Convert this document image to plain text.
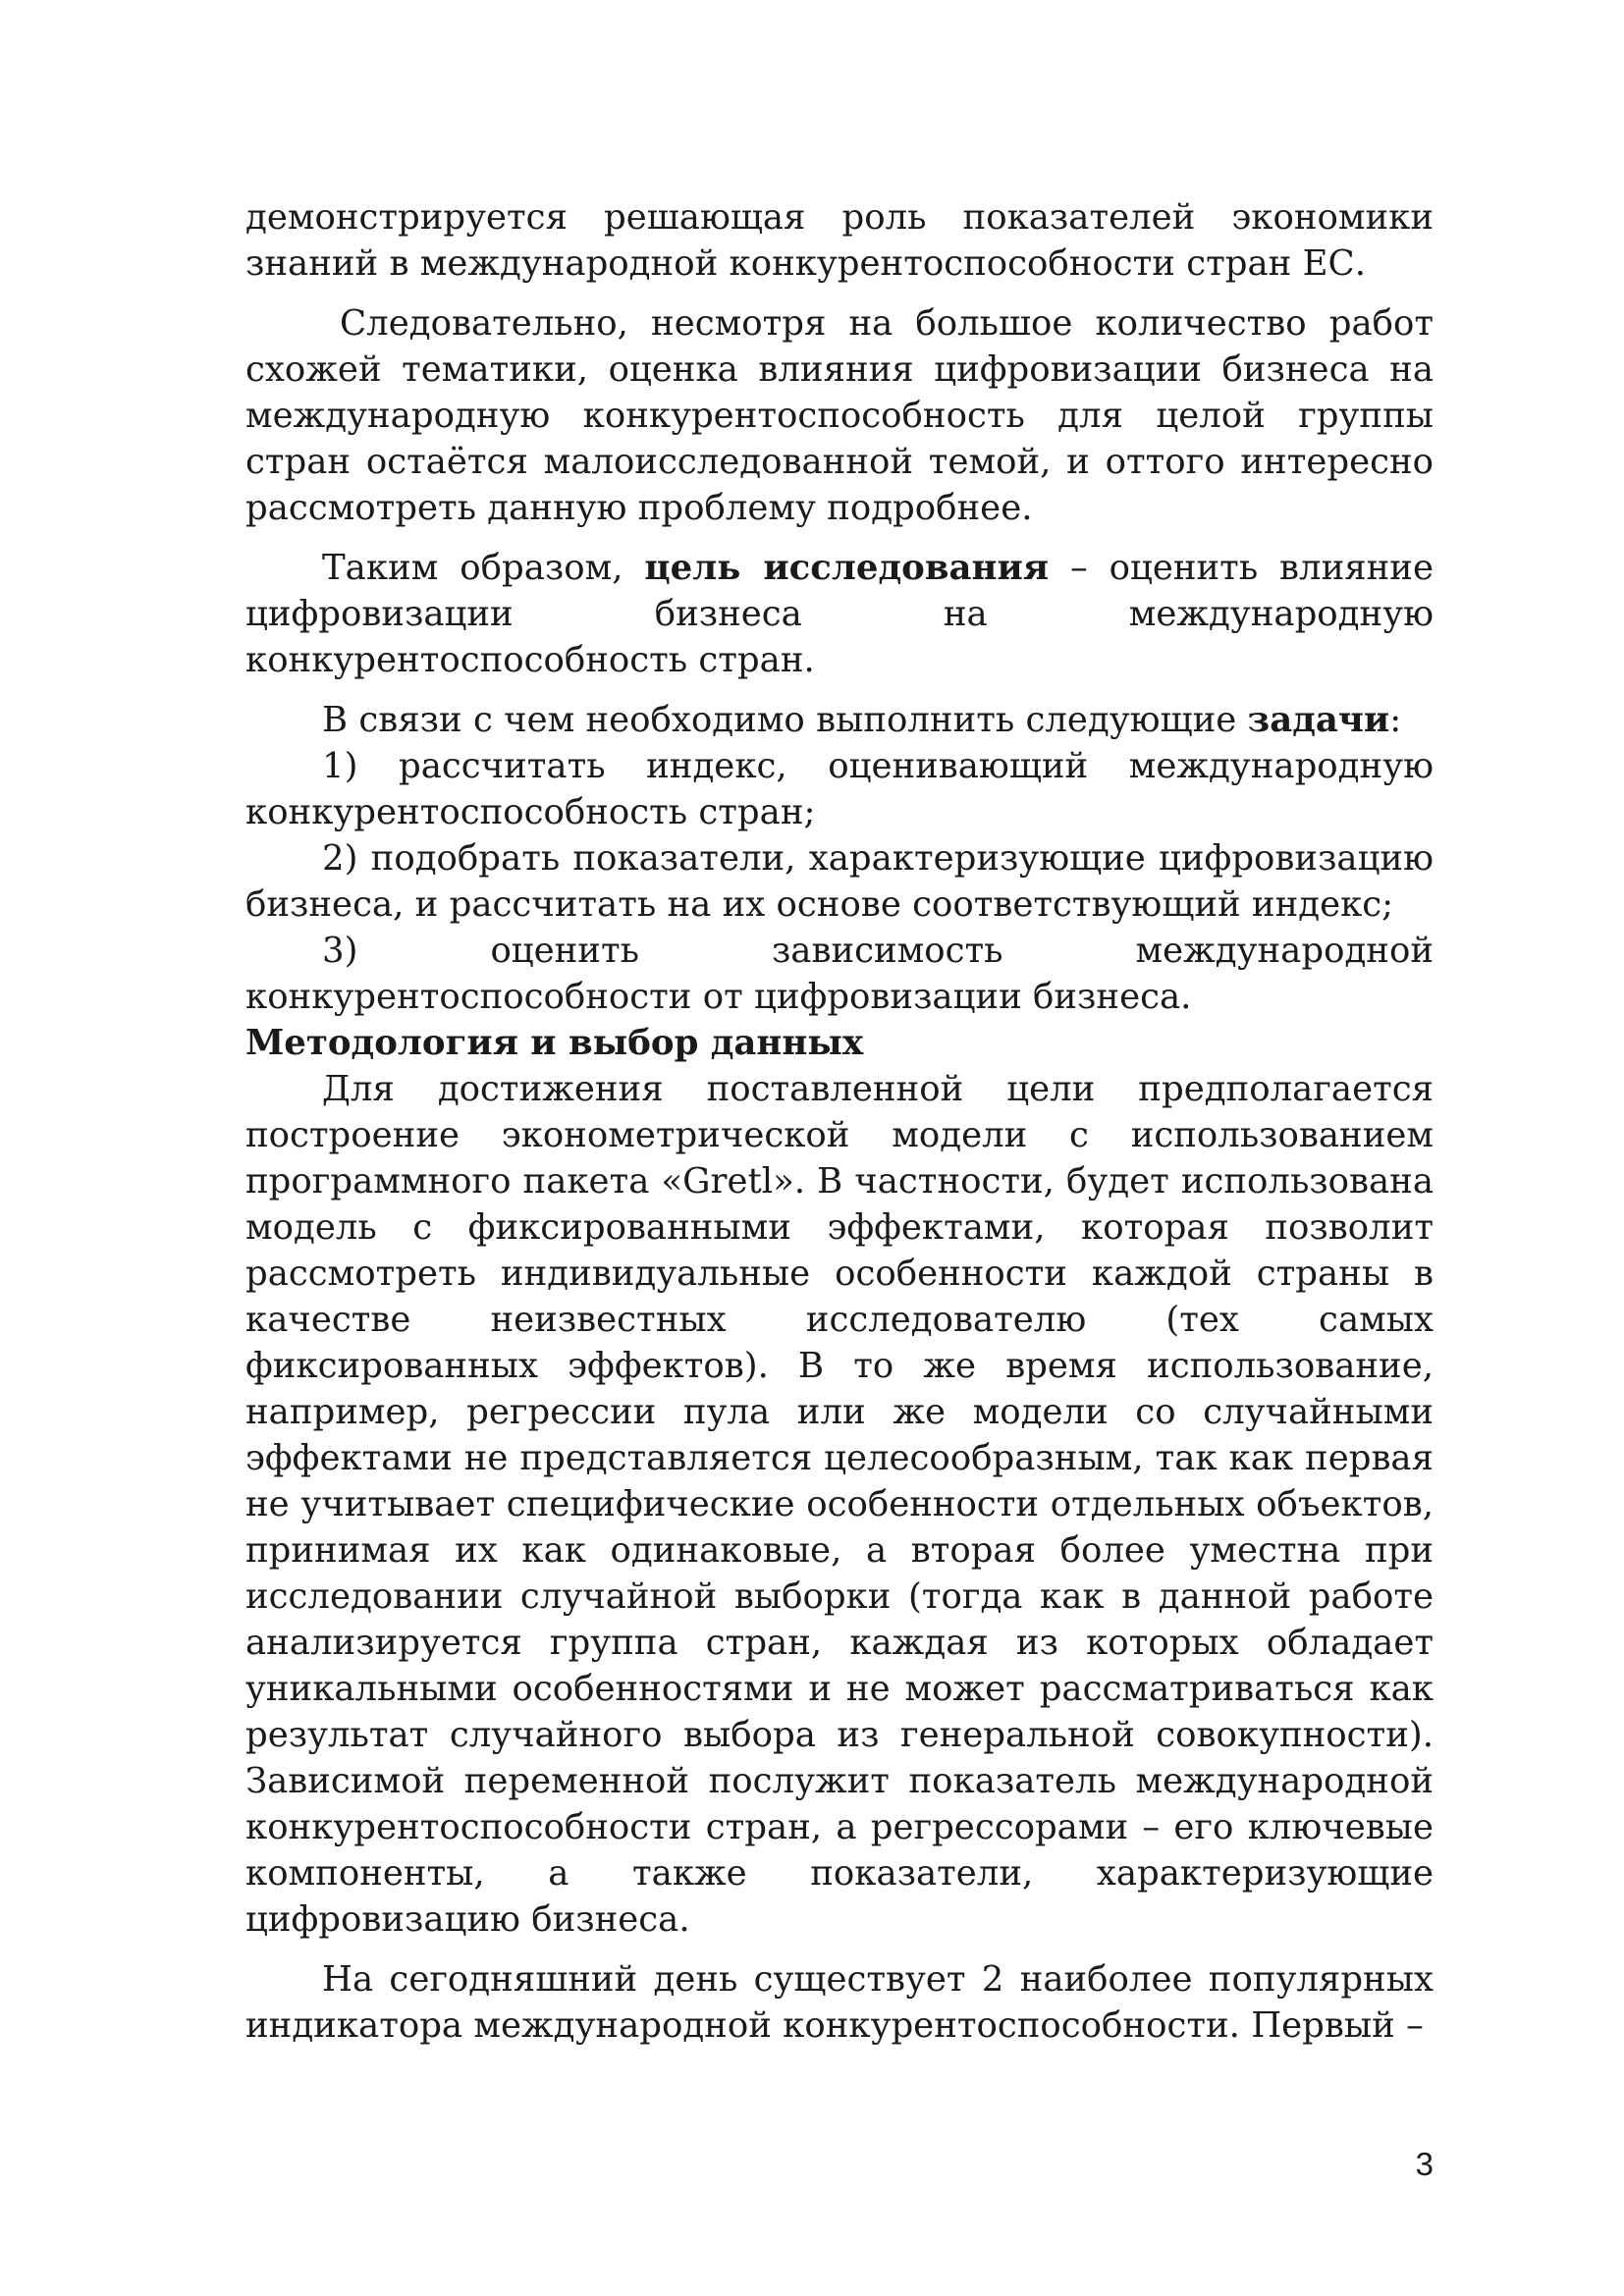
демонстрируется решающая роль показателей экономики знаний в международной конкурентоспособности стран ЕС.

Следовательно, несмотря на большое количество работ схожей тематики, оценка влияния цифровизации бизнеса на международную конкурентоспособность для целой группы стран остаётся малоисследованной темой, и оттого интересно рассмотреть данную проблему подробнее.

Таким образом, цель исследования – оценить влияние цифровизации бизнеса на международную конкурентоспособность стран.

В связи с чем необходимо выполнить следующие задачи:

1) рассчитать индекс, оценивающий международную конкурентоспособность стран;

2) подобрать показатели, характеризующие цифровизацию бизнеса, и рассчитать на их основе соответствующий индекс;

3) оценить зависимость международной конкурентоспособности от цифровизации бизнеса.

Методология и выбор данных

Для достижения поставленной цели предполагается построение эконометрической модели с использованием программного пакета «Gretl». В частности, будет использована модель с фиксированными эффектами, которая позволит рассмотреть индивидуальные особенности каждой страны в качестве неизвестных исследователю (тех самых фиксированных эффектов). В то же время использование, например, регрессии пула или же модели со случайными эффектами не представляется целесообразным, так как первая не учитывает специфические особенности отдельных объектов, принимая их как одинаковые, а вторая более уместна при исследовании случайной выборки (тогда как в данной работе анализируется группа стран, каждая из которых обладает уникальными особенностями и не может рассматриваться как результат случайного выбора из генеральной совокупности). Зависимой переменной послужит показатель международной конкурентоспособности стран, а регрессорами – его ключевые компоненты, а также показатели, характеризующие цифровизацию бизнеса.

На сегодняшний день существует 2 наиболее популярных индикатора международной конкурентоспособности. Первый –

3
